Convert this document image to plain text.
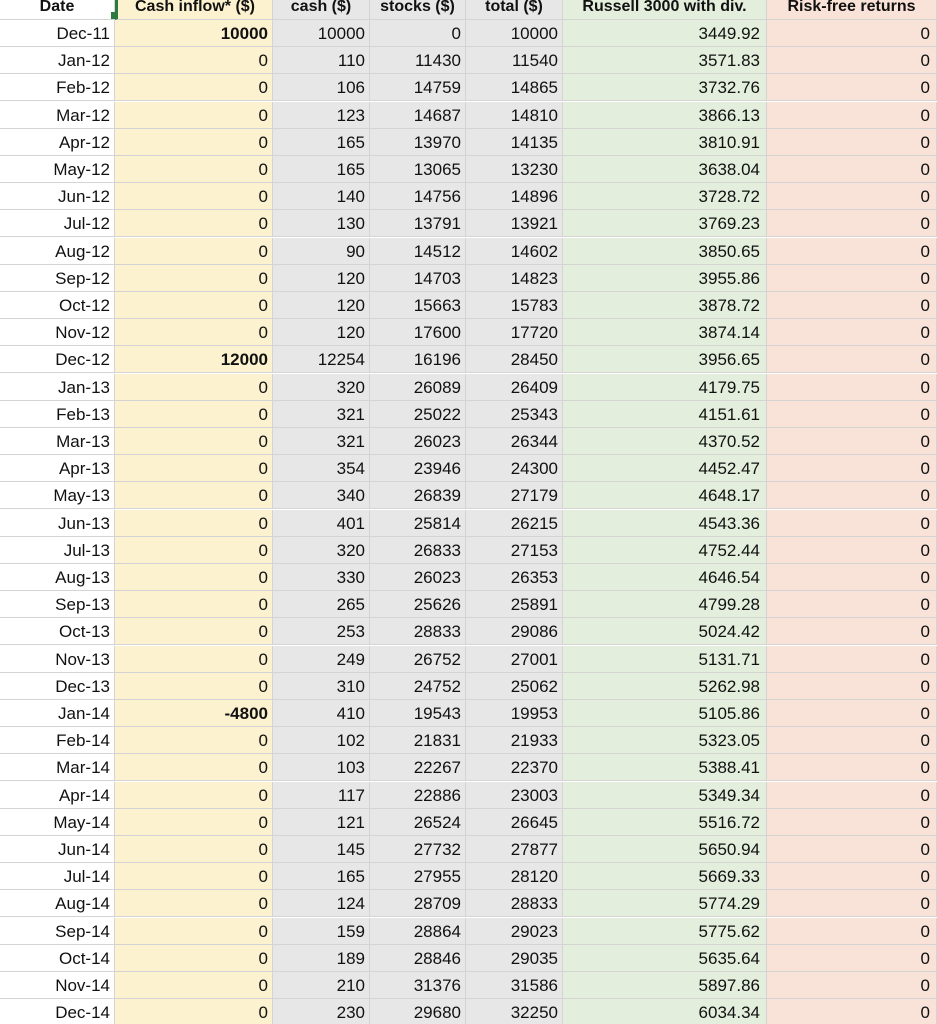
Date	Cash inflow* ($)	cash ($)	stocks ($)	total ($)	Russell 3000 with div.	Risk-free returns
Dec-11	10000	10000	0	10000	3449.92	0
Jan-12	0	110	11430	11540	3571.83	0
Feb-12	0	106	14759	14865	3732.76	0
Mar-12	0	123	14687	14810	3866.13	0
Apr-12	0	165	13970	14135	3810.91	0
May-12	0	165	13065	13230	3638.04	0
Jun-12	0	140	14756	14896	3728.72	0
Jul-12	0	130	13791	13921	3769.23	0
Aug-12	0	90	14512	14602	3850.65	0
Sep-12	0	120	14703	14823	3955.86	0
Oct-12	0	120	15663	15783	3878.72	0
Nov-12	0	120	17600	17720	3874.14	0
Dec-12	12000	12254	16196	28450	3956.65	0
Jan-13	0	320	26089	26409	4179.75	0
Feb-13	0	321	25022	25343	4151.61	0
Mar-13	0	321	26023	26344	4370.52	0
Apr-13	0	354	23946	24300	4452.47	0
May-13	0	340	26839	27179	4648.17	0
Jun-13	0	401	25814	26215	4543.36	0
Jul-13	0	320	26833	27153	4752.44	0
Aug-13	0	330	26023	26353	4646.54	0
Sep-13	0	265	25626	25891	4799.28	0
Oct-13	0	253	28833	29086	5024.42	0
Nov-13	0	249	26752	27001	5131.71	0
Dec-13	0	310	24752	25062	5262.98	0
Jan-14	-4800	410	19543	19953	5105.86	0
Feb-14	0	102	21831	21933	5323.05	0
Mar-14	0	103	22267	22370	5388.41	0
Apr-14	0	117	22886	23003	5349.34	0
May-14	0	121	26524	26645	5516.72	0
Jun-14	0	145	27732	27877	5650.94	0
Jul-14	0	165	27955	28120	5669.33	0
Aug-14	0	124	28709	28833	5774.29	0
Sep-14	0	159	28864	29023	5775.62	0
Oct-14	0	189	28846	29035	5635.64	0
Nov-14	0	210	31376	31586	5897.86	0
Dec-14	0	230	29680	32250	6034.34	0
